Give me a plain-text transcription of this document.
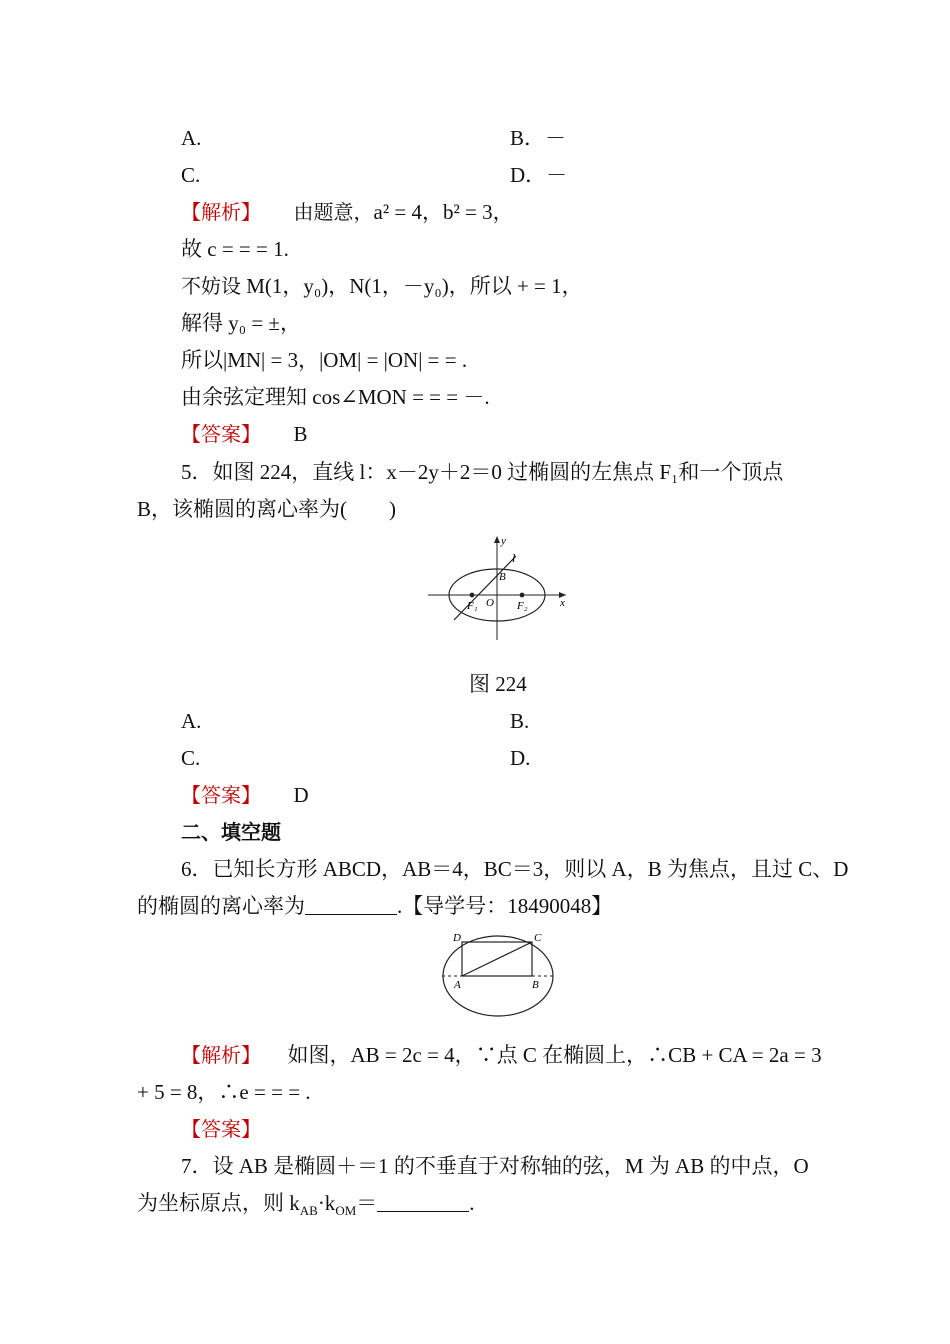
A.	B．－
C.	D．－
【解析】 由题意，a² = 4，b² = 3，
故 c = = = 1.
不妨设 M(1，y₀)，N(1，－y₀)，所以 + = 1，
解得 y₀ = ±，
所以|MN| = 3，|OM| = |ON| = = .
由余弦定理知 cos∠MON = = = －.
【答案】 B
5．如图 224，直线 l：x－2y＋2＝0 过椭圆的左焦点 F₁和一个顶点
B，该椭圆的离心率为(　　)
y
l
B
F₁ O F₂	x
图 224
A.	B.
C.	D.
【答案】 D
二、填空题
6．已知长方形 ABCD，AB＝4，BC＝3，则以 A，B 为焦点，且过 C、D
的椭圆的离心率为	.【导学号：18490048】
D	C
A	B
【解析】 如图，AB = 2c = 4，∵点 C 在椭圆上，∴CB + CA = 2a = 3
+ 5 = 8，∴e = = = .
【答案】
7．设 AB 是椭圆＋＝1 的不垂直于对称轴的弦，M 为 AB 的中点，O
为坐标原点，则 $k_{AB}\cdot k_{OM}=$	.
